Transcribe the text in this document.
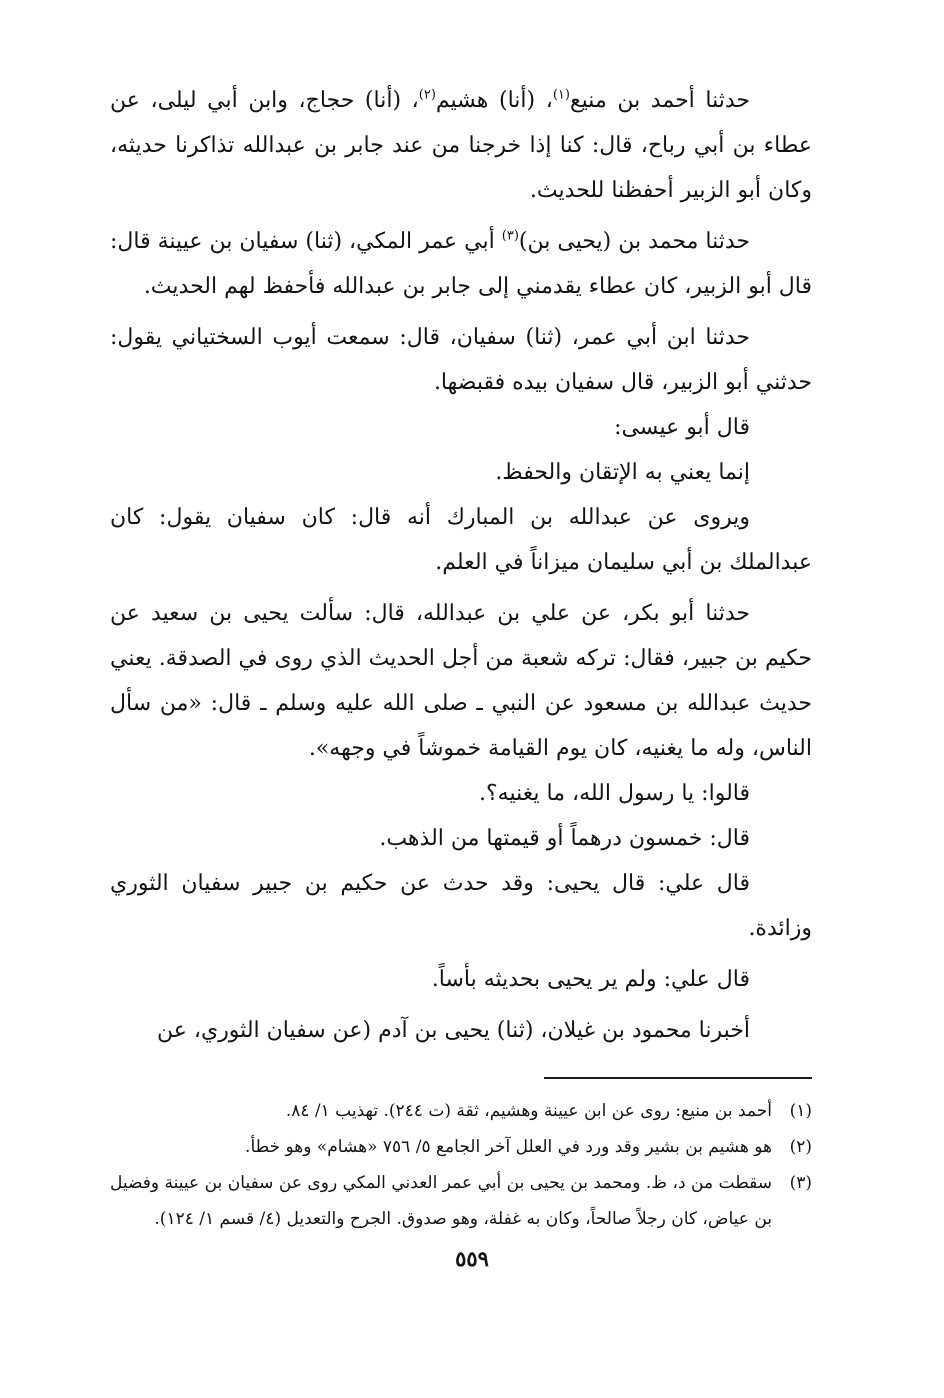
حدثنا أحمد بن منيع$^{(١)}$، (أنا) هشيم$^{(٢)}$، (أنا) حجاج، وابن أبي ليلى، عن عطاء بن أبي رباح، قال: كنا إذا خرجنا من عند جابر بن عبدالله تذاكرنا حديثه، وكان أبو الزبير أحفظنا للحديث.

حدثنا محمد بن (يحيى بن)$^{(٣)}$ أبي عمر المكي، (ثنا) سفيان بن عيينة قال: قال أبو الزبير، كان عطاء يقدمني إلى جابر بن عبدالله فأحفظ لهم الحديث.

حدثنا ابن أبي عمر، (ثنا) سفيان، قال: سمعت أيوب السختياني يقول: حدثني أبو الزبير، قال سفيان بيده فقبضها.

قال أبو عيسى:

إنما يعني به الإتقان والحفظ.

ويروى عن عبدالله بن المبارك أنه قال: كان سفيان يقول: كان عبدالملك بن أبي سليمان ميزاناً في العلم.

حدثنا أبو بكر، عن علي بن عبدالله، قال: سألت يحيى بن سعيد عن حكيم بن جبير، فقال: تركه شعبة من أجل الحديث الذي روى في الصدقة. يعني حديث عبدالله بن مسعود عن النبي ـ صلى الله عليه وسلم ـ قال: «من سأل الناس، وله ما يغنيه، كان يوم القيامة خموشاً في وجهه».

قالوا: يا رسول الله، ما يغنيه؟.

قال: خمسون درهماً أو قيمتها من الذهب.

قال علي: قال يحيى: وقد حدث عن حكيم بن جبير سفيان الثوري وزائدة.

قال علي: ولم ير يحيى بحديثه بأساً.

أخبرنا محمود بن غيلان، (ثنا) يحيى بن آدم (عن سفيان الثوري، عن

(١)
أحمد بن منيع: روى عن ابن عيينة وهشيم، ثقة (ت ٢٤٤). تهذيب ١/ ٨٤.
(٢)
هو هشيم بن بشير وقد ورد في العلل آخر الجامع ٥/ ٧٥٦ «هشام» وهو خطأ.
(٣)
سقطت من د، ظ. ومحمد بن يحيى بن أبي عمر العدني المكي روى عن سفيان بن عيينة وفضيل بن عياض، كان رجلاً صالحاً، وكان به غفلة، وهو صدوق. الجرح والتعديل (٤/ قسم ١/ ١٢٤).
٥٥٩
